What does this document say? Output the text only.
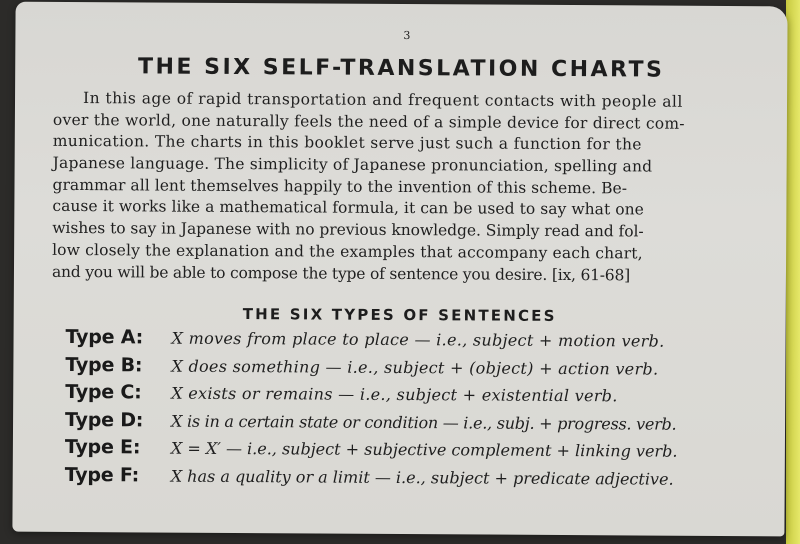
3
THE SIX SELF-TRANSLATION CHARTS
In this age of rapid transportation and frequent contacts with people all
over the world, one naturally feels the need of a simple device for direct com-
munication. The charts in this booklet serve just such a function for the
Japanese language. The simplicity of Japanese pronunciation, spelling and
grammar all lent themselves happily to the invention of this scheme. Be-
cause it works like a mathematical formula, it can be used to say what one
wishes to say in Japanese with no previous knowledge. Simply read and fol-
low closely the explanation and the examples that accompany each chart,
and you will be able to compose the type of sentence you desire. [ix, 61-68]
THE SIX TYPES OF SENTENCES
Type A: X moves from place to place — i.e., subject + motion verb.
Type B: X does something — i.e., subject + (object) + action verb.
Type C: X exists or remains — i.e., subject + existential verb.
Type D: X is in a certain state or condition — i.e., subj. + progress. verb.
Type E: X = X′ — i.e., subject + subjective complement + linking verb.
Type F: X has a quality or a limit — i.e., subject + predicate adjective.
